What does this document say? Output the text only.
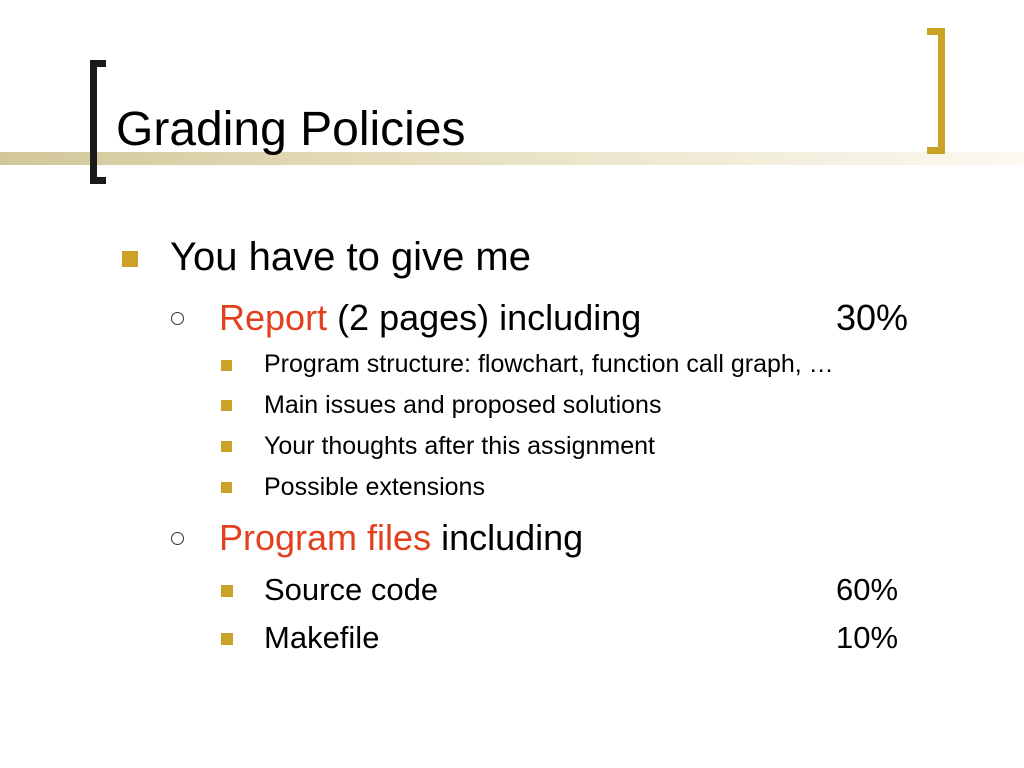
Grading Policies
You have to give me
Report (2 pages) including	30%
Program structure: flowchart, function call graph, …
Main issues and proposed solutions
Your thoughts after this assignment
Possible extensions
Program files including
Source code	60%
Makefile	10%
